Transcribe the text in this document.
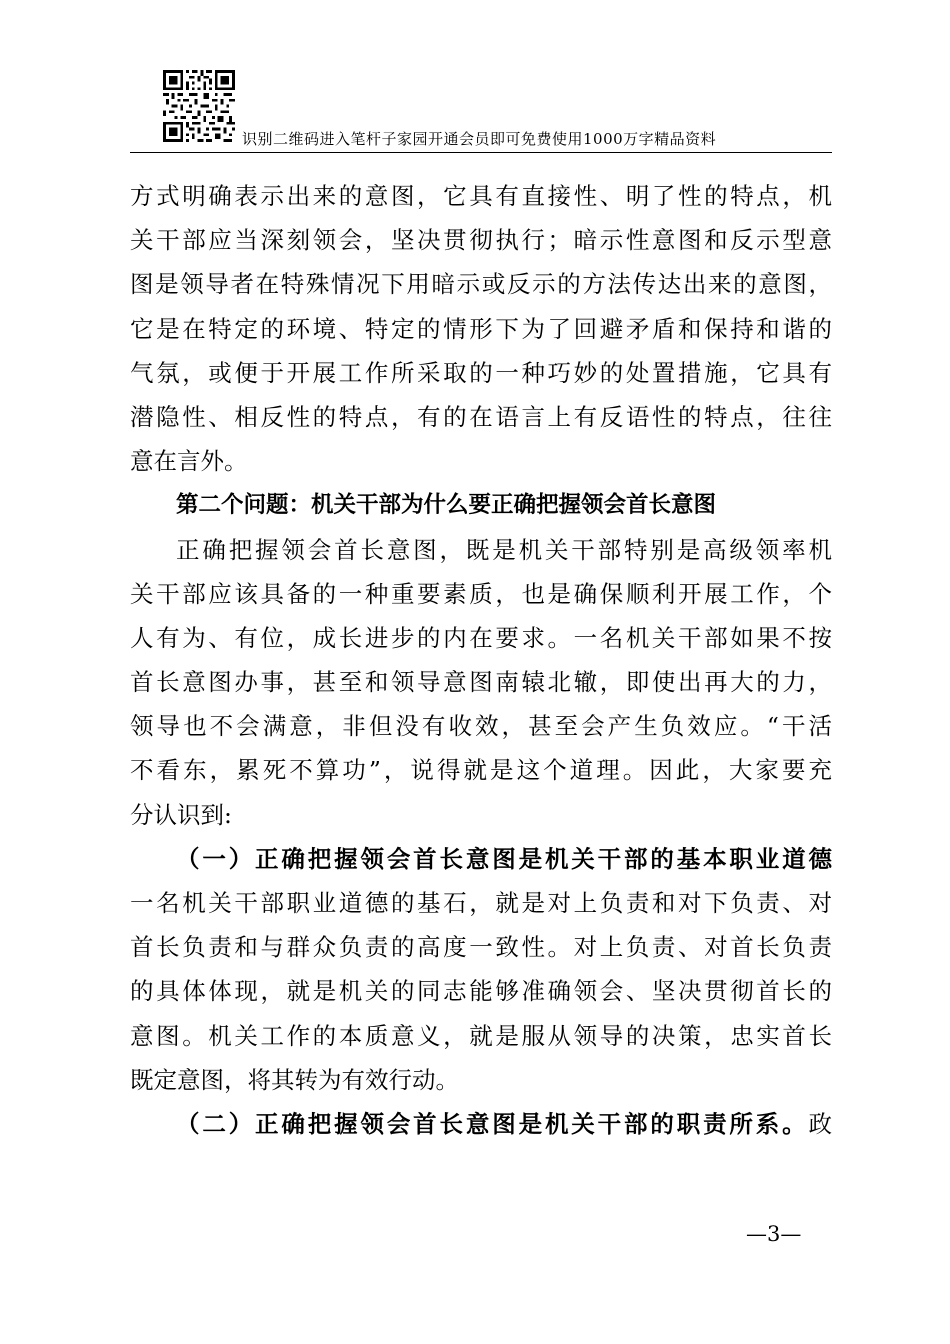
识别二维码进入笔杆子家园开通会员即可免费使用1000万字精品资料
方式明确表示出来的意图，它具有直接性、明了性的特点，机
关干部应当深刻领会，坚决贯彻执行；暗示性意图和反示型意
图是领导者在特殊情况下用暗示或反示的方法传达出来的意图，
它是在特定的环境、特定的情形下为了回避矛盾和保持和谐的
气氛，或便于开展工作所采取的一种巧妙的处置措施，它具有
潜隐性、相反性的特点，有的在语言上有反语性的特点，往往
意在言外。
第二个问题：机关干部为什么要正确把握领会首长意图
正确把握领会首长意图，既是机关干部特别是高级领率机
关干部应该具备的一种重要素质，也是确保顺利开展工作，个
人有为、有位，成长进步的内在要求。一名机关干部如果不按
首长意图办事，甚至和领导意图南辕北辙，即使出再大的力，
领导也不会满意，非但没有收效，甚至会产生负效应。“干活
不看东，累死不算功”，说得就是这个道理。因此，大家要充
分认识到:
（一）正确把握领会首长意图是机关干部的基本职业道德
一名机关干部职业道德的基石，就是对上负责和对下负责、对
首长负责和与群众负责的高度一致性。对上负责、对首长负责
的具体体现，就是机关的同志能够准确领会、坚决贯彻首长的
意图。机关工作的本质意义，就是服从领导的决策，忠实首长
既定意图，将其转为有效行动。
（二）正确把握领会首长意图是机关干部的职责所系。政
—3—
